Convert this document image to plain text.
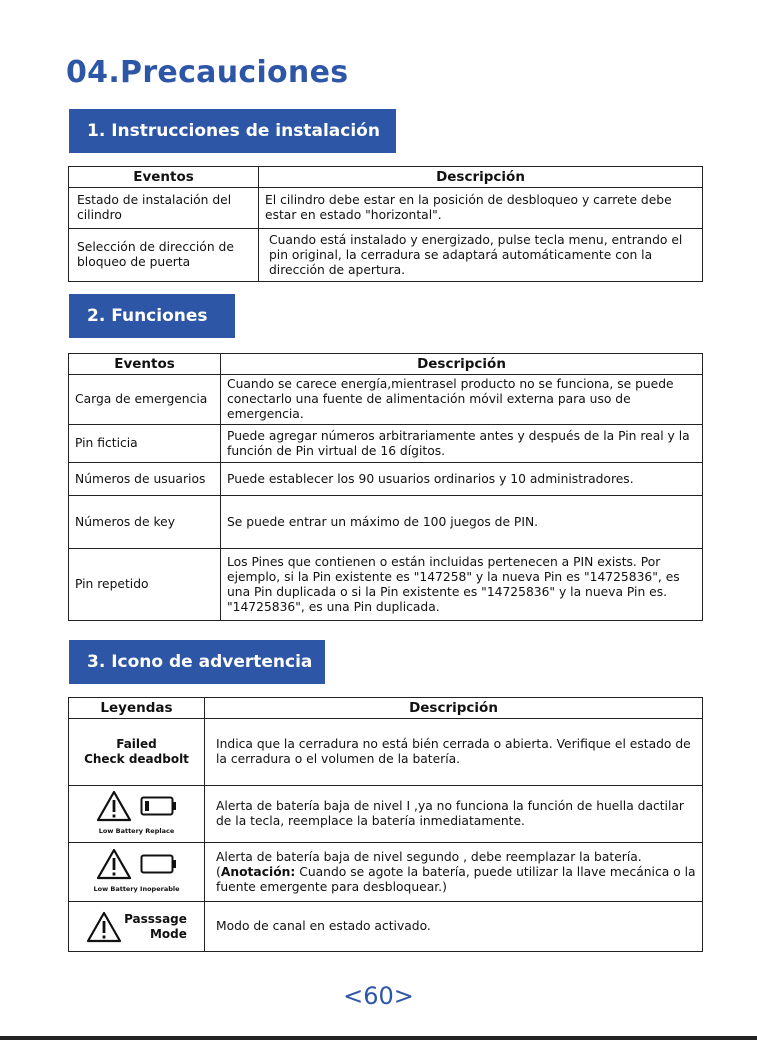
04.Precauciones
1. Instrucciones de instalación
Eventos	Descripción
Estado de instalación del cilindro	El cilindro debe estar en la posición de desbloqueo y carrete debe estar en estado "horizontal".
Selección de dirección de bloqueo de puerta	Cuando está instalado y energizado, pulse tecla menu, entrando el pin original, la cerradura se adaptará automáticamente con la dirección de apertura.
2. Funciones
Eventos	Descripción
Carga de emergencia	Cuando se carece energía,mientrasel producto no se funciona, se puede conectarlo una fuente de alimentación móvil externa para uso de emergencia.
Pin ficticia	Puede agregar números arbitrariamente antes y después de la Pin real y la función de Pin virtual de 16 dígitos.
Números de usuarios	Puede establecer los 90 usuarios ordinarios y 10 administradores.
Números de key	Se puede entrar un máximo de 100 juegos de PIN.
Pin repetido	Los Pines que contienen o están incluidas pertenecen a PIN exists. Por ejemplo, si la Pin existente es "147258" y la nueva Pin es "14725836", es una Pin duplicada o si la Pin existente es "14725836" y la nueva Pin es. "14725836", es una Pin duplicada.
3. Icono de advertencia
Leyendas	Descripción

Failed
Check deadbolt	Indica que la cerradura no está bién cerrada o abierta. Verifique el estado de la cerradura o el volumen de la batería.

Low Battery Replace	Alerta de batería baja de nivel Ⅰ ,ya no funciona la función de huella dactilar de la tecla, reemplace la batería inmediatamente.

Low Battery Inoperable	Alerta de batería baja de nivel segundo , debe reemplazar la batería.
(Anotación: Cuando se agote la batería, puede utilizar la llave mecánica o la fuente emergente para desbloquear.)

Passsage
Mode	Modo de canal en estado activado.
<60>
